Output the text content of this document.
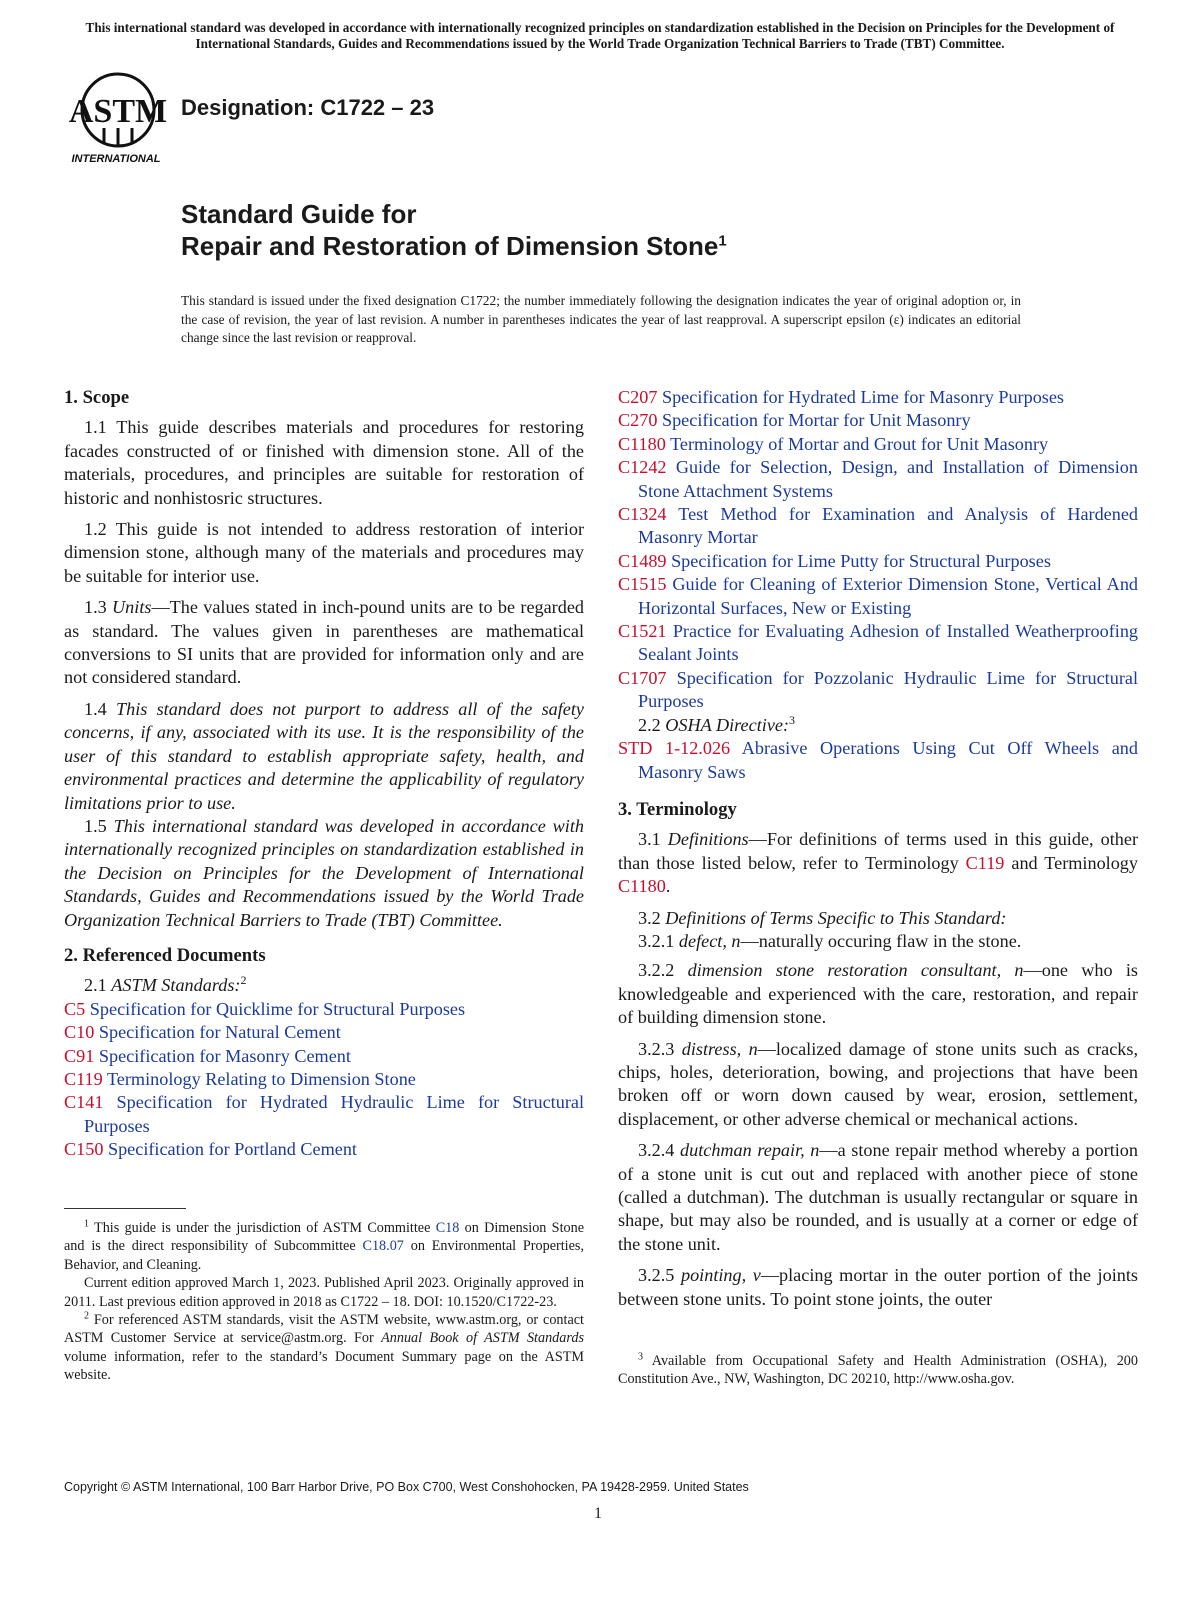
This international standard was developed in accordance with internationally recognized principles on standardization established in the Decision on Principles for the Development of International Standards, Guides and Recommendations issued by the World Trade Organization Technical Barriers to Trade (TBT) Committee.
ASTM
INTERNATIONAL
Designation: C1722 – 23
Standard Guide for
Repair and Restoration of Dimension Stone$^1$
This standard is issued under the fixed designation C1722; the number immediately following the designation indicates the year of original adoption or, in the case of revision, the year of last revision. A number in parentheses indicates the year of last reapproval. A superscript epsilon (ε) indicates an editorial change since the last revision or reapproval.
1. Scope

1.1 This guide describes materials and procedures for restoring facades constructed of or finished with dimension stone. All of the materials, procedures, and principles are suitable for restoration of historic and nonhistosric structures.

1.2 This guide is not intended to address restoration of interior dimension stone, although many of the materials and procedures may be suitable for interior use.

1.3 Units—The values stated in inch-pound units are to be regarded as standard. The values given in parentheses are mathematical conversions to SI units that are provided for information only and are not considered standard.

1.4 This standard does not purport to address all of the safety concerns, if any, associated with its use. It is the responsibility of the user of this standard to establish appropriate safety, health, and environmental practices and determine the applicability of regulatory limitations prior to use.

1.5 This international standard was developed in accordance with internationally recognized principles on standardization established in the Decision on Principles for the Development of International Standards, Guides and Recommendations issued by the World Trade Organization Technical Barriers to Trade (TBT) Committee.

2. Referenced Documents

2.1 ASTM Standards:$^2$

C5 Specification for Quicklime for Structural Purposes

C10 Specification for Natural Cement

C91 Specification for Masonry Cement

C119 Terminology Relating to Dimension Stone

C141 Specification for Hydrated Hydraulic Lime for Structural Purposes

C150 Specification for Portland Cement

C207 Specification for Hydrated Lime for Masonry Purposes

C270 Specification for Mortar for Unit Masonry

C1180 Terminology of Mortar and Grout for Unit Masonry

C1242 Guide for Selection, Design, and Installation of Dimension Stone Attachment Systems

C1324 Test Method for Examination and Analysis of Hardened Masonry Mortar

C1489 Specification for Lime Putty for Structural Purposes

C1515 Guide for Cleaning of Exterior Dimension Stone, Vertical And Horizontal Surfaces, New or Existing

C1521 Practice for Evaluating Adhesion of Installed Weatherproofing Sealant Joints

C1707 Specification for Pozzolanic Hydraulic Lime for Structural Purposes

2.2 OSHA Directive:$^3$

STD 1-12.026 Abrasive Operations Using Cut Off Wheels and Masonry Saws

3. Terminology

3.1 Definitions—For definitions of terms used in this guide, other than those listed below, refer to Terminology C119 and Terminology C1180.

3.2 Definitions of Terms Specific to This Standard:

3.2.1 defect, n—naturally occuring flaw in the stone.

3.2.2 dimension stone restoration consultant, n—one who is knowledgeable and experienced with the care, restoration, and repair of building dimension stone.

3.2.3 distress, n—localized damage of stone units such as cracks, chips, holes, deterioration, bowing, and projections that have been broken off or worn down caused by wear, erosion, settlement, displacement, or other adverse chemical or mechanical actions.

3.2.4 dutchman repair, n—a stone repair method whereby a portion of a stone unit is cut out and replaced with another piece of stone (called a dutchman). The dutchman is usually rectangular or square in shape, but may also be rounded, and is usually at a corner or edge of the stone unit.

3.2.5 pointing, v—placing mortar in the outer portion of the joints between stone units. To point stone joints, the outer

$^1$ This guide is under the jurisdiction of ASTM Committee C18 on Dimension Stone and is the direct responsibility of Subcommittee C18.07 on Environmental Properties, Behavior, and Cleaning.

Current edition approved March 1, 2023. Published April 2023. Originally approved in 2011. Last previous edition approved in 2018 as C1722 – 18. DOI: 10.1520/C1722-23.

$^2$ For referenced ASTM standards, visit the ASTM website, www.astm.org, or contact ASTM Customer Service at service@astm.org. For Annual Book of ASTM Standards volume information, refer to the standard’s Document Summary page on the ASTM website.

$^3$ Available from Occupational Safety and Health Administration (OSHA), 200 Constitution Ave., NW, Washington, DC 20210, http://www.osha.gov.

Copyright © ASTM International, 100 Barr Harbor Drive, PO Box C700, West Conshohocken, PA 19428-2959. United States
1
